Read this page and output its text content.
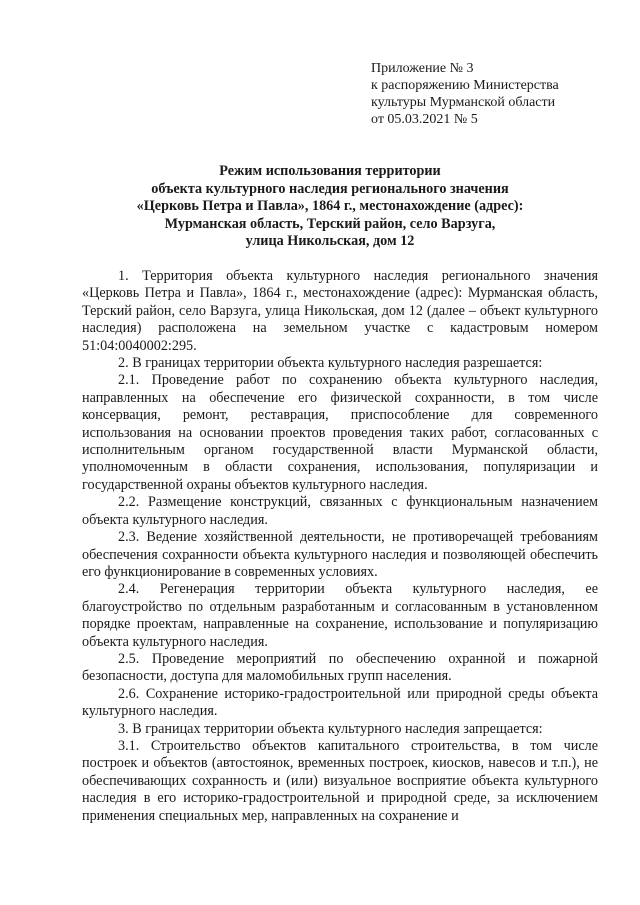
Приложение № 3
к распоряжению Министерства
культуры Мурманской области
от 05.03.2021 № 5
Режим использования территории
объекта культурного наследия регионального значения
«Церковь Петра и Павла», 1864 г., местонахождение (адрес):
Мурманская область, Терский район, село Варзуга,
улица Никольская, дом 12

1. Территория объекта культурного наследия регионального значения «Церковь Петра и Павла», 1864 г., местонахождение (адрес): Мурманская область, Терский район, село Варзуга, улица Никольская, дом 12 (далее – объект культурного наследия) расположена на земельном участке с кадастровым номером 51:04:0040002:295.

2. В границах территории объекта культурного наследия разрешается:

2.1. Проведение работ по сохранению объекта культурного наследия, направленных на обеспечение его физической сохранности, в том числе консервация, ремонт, реставрация, приспособление для современного использования на основании проектов проведения таких работ, согласованных с исполнительным органом государственной власти Мурманской области, уполномоченным в области сохранения, использования, популяризации и государственной охраны объектов культурного наследия.

2.2. Размещение конструкций, связанных с функциональным назначением объекта культурного наследия.

2.3. Ведение хозяйственной деятельности, не противоречащей требованиям обеспечения сохранности объекта культурного наследия и позволяющей обеспечить его функционирование в современных условиях.

2.4. Регенерация территории объекта культурного наследия, ее благоустройство по отдельным разработанным и согласованным в установленном порядке проектам, направленные на сохранение, использование и популяризацию объекта культурного наследия.

2.5. Проведение мероприятий по обеспечению охранной и пожарной безопасности, доступа для маломобильных групп населения.

2.6. Сохранение историко-градостроительной или природной среды объекта культурного наследия.

3. В границах территории объекта культурного наследия запрещается:

3.1. Строительство объектов капитального строительства, в том числе построек и объектов (автостоянок, временных построек, киосков, навесов и т.п.), не обеспечивающих сохранность и (или) визуальное восприятие объекта культурного наследия в его историко-градостроительной и природной среде, за исключением применения специальных мер, направленных на сохранение и
